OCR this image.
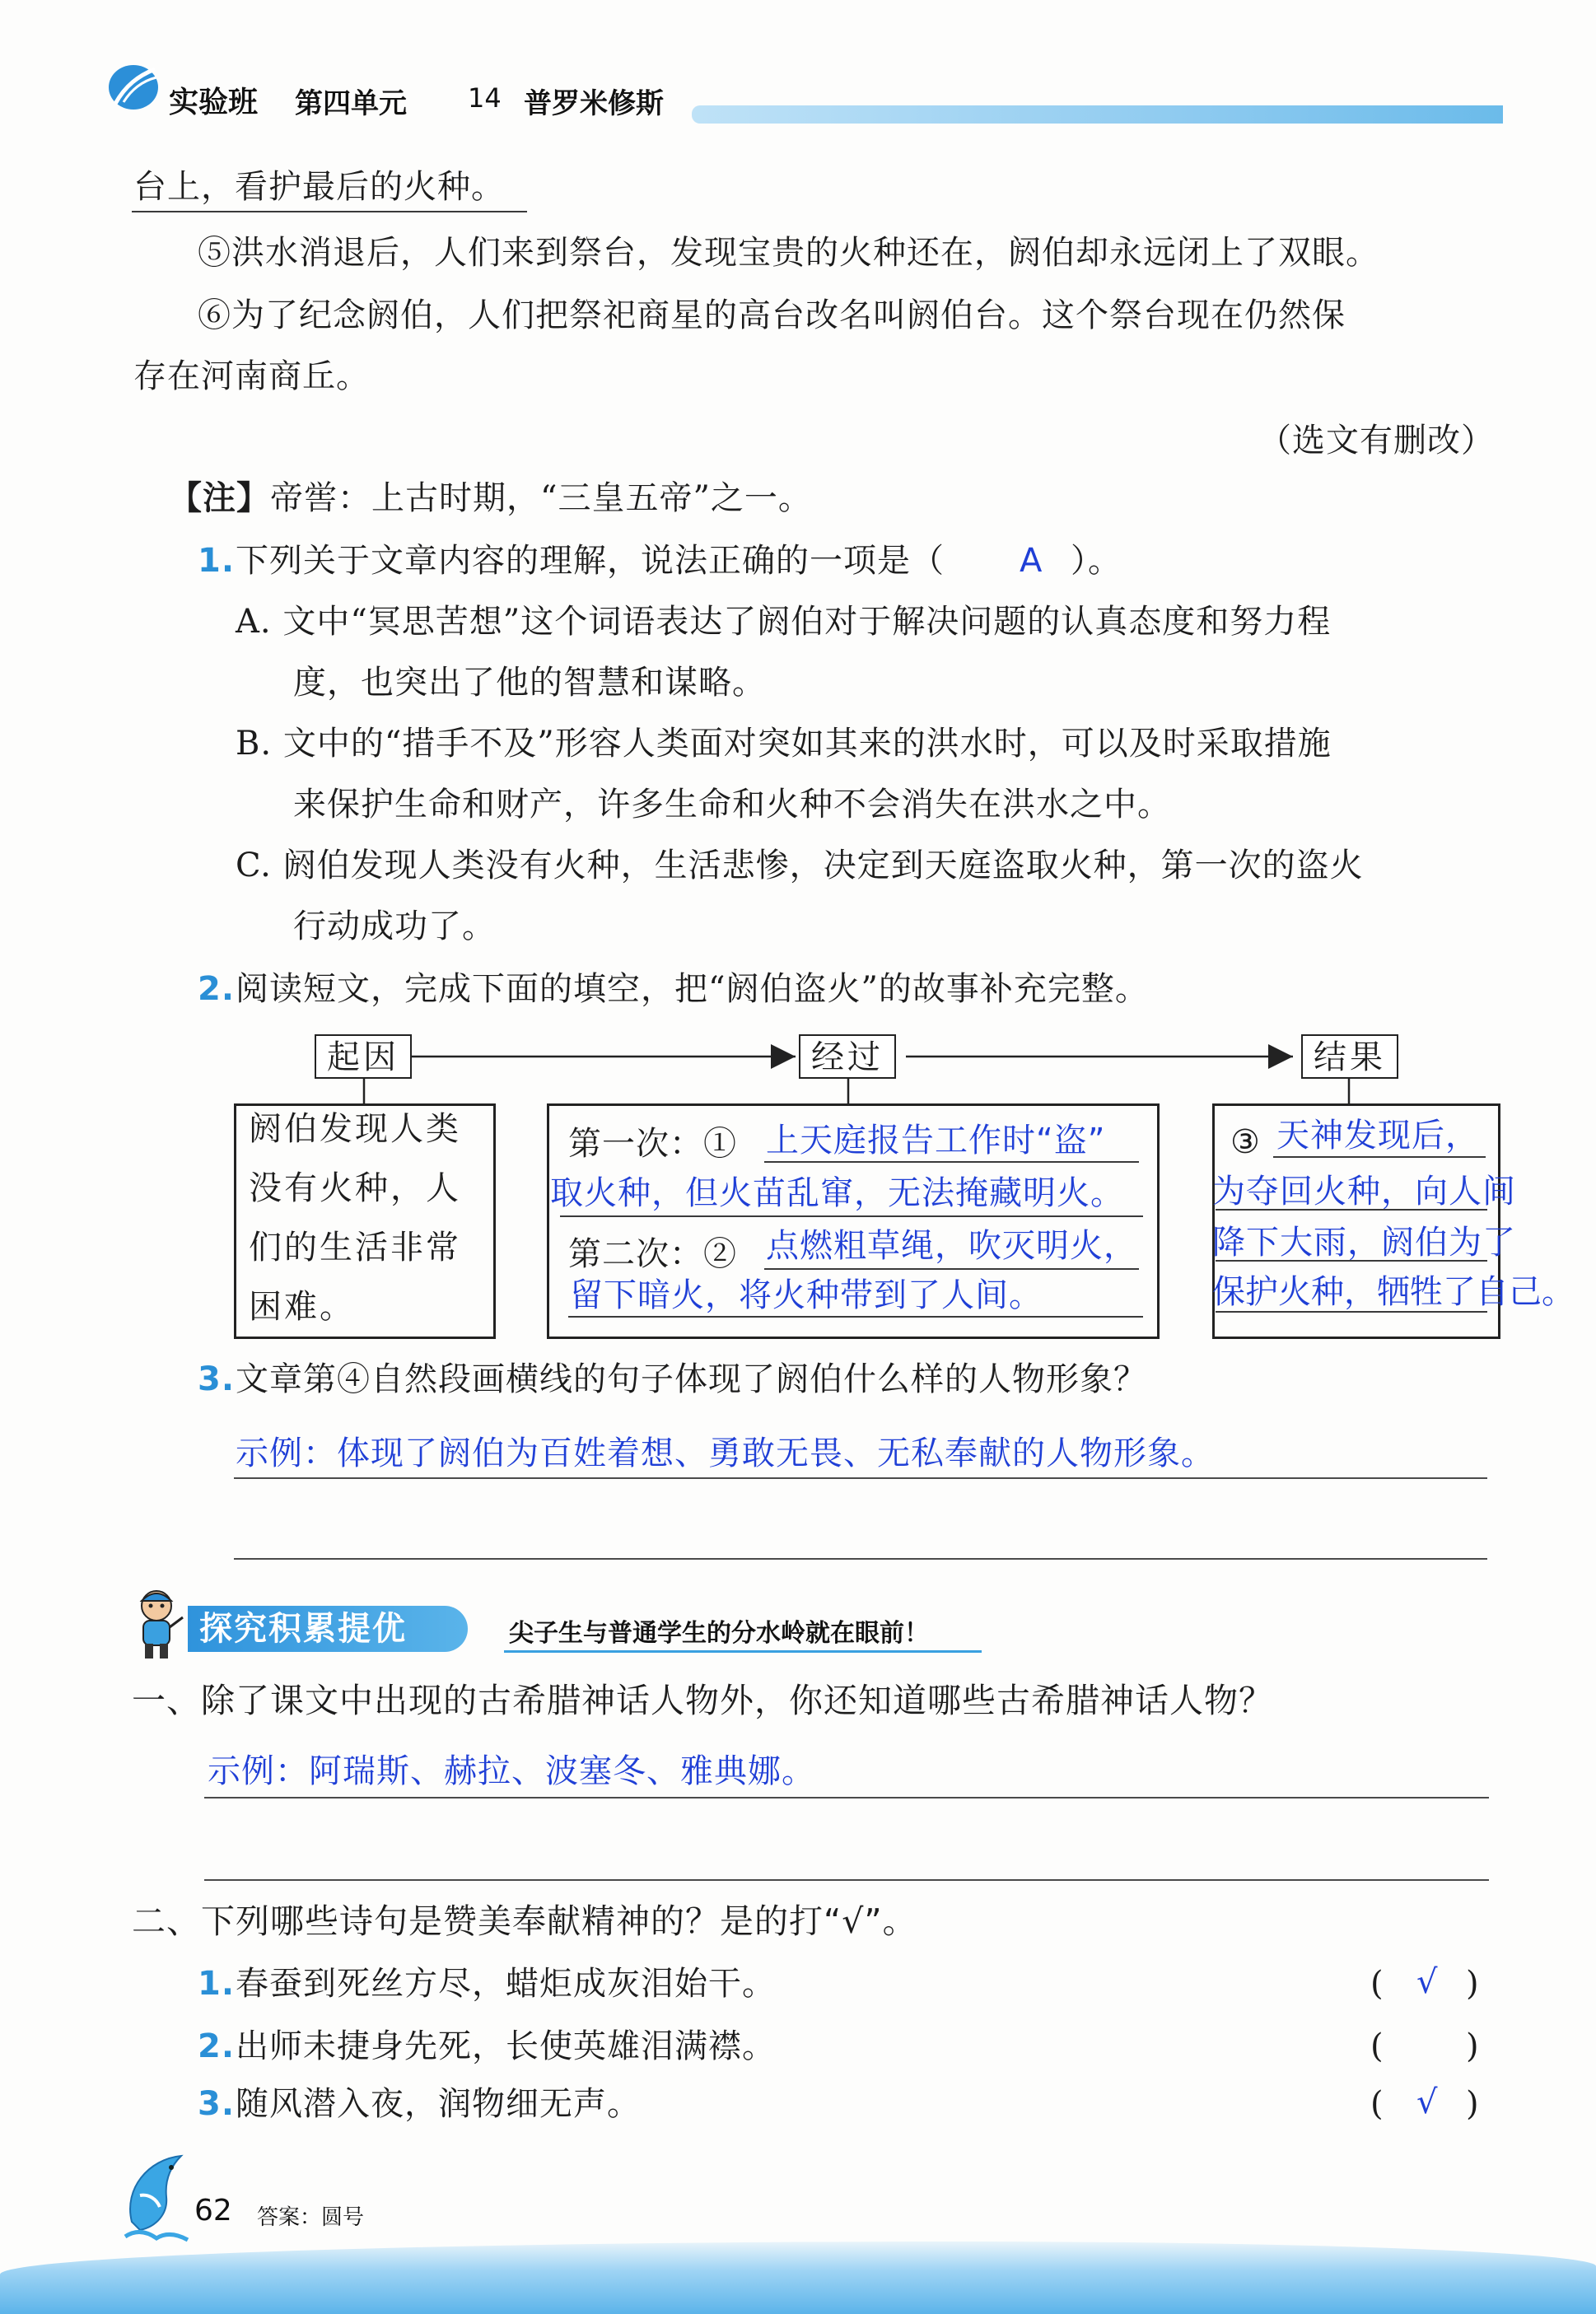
实验班 第四单元 14 普罗米修斯
台上，看护最后的火种。
⑤洪水消退后，人们来到祭台，发现宝贵的火种还在，阏伯却永远闭上了双眼。
⑥为了纪念阏伯，人们把祭祀商星的高台改名叫阏伯台。这个祭台现在仍然保
存在河南商丘。
（选文有删改）
【注】 帝喾：上古时期，“三皇五帝”之一。
1. 下列关于文章内容的理解，说法正确的一项是（ A ）。
A. 文中“冥思苦想”这个词语表达了阏伯对于解决问题的认真态度和努力程
度，也突出了他的智慧和谋略。
B. 文中的“措手不及”形容人类面对突如其来的洪水时，可以及时采取措施
来保护生命和财产，许多生命和火种不会消失在洪水之中。
C. 阏伯发现人类没有火种，生活悲惨，决定到天庭盗取火种，第一次的盗火
行动成功了。
2. 阅读短文，完成下面的填空，把“阏伯盗火”的故事补充完整。
起因	经过	结果
阏伯发现人类
没有火种，人
们的生活非常
困难。
第一次：① 上天庭报告工作时“盗”
取火种，但火苗乱窜，无法掩藏明火。
第二次：② 点燃粗草绳，吹灭明火，
留下暗火，将火种带到了人间。
③ 天神发现后，
为夺回火种，向人间
降下大雨，阏伯为了
保护火种，牺牲了自己。
3. 文章第④自然段画横线的句子体现了阏伯什么样的人物形象？
示例：体现了阏伯为百姓着想、勇敢无畏、无私奉献的人物形象。
探究积累提优	尖子生与普通学生的分水岭就在眼前！
一、除了课文中出现的古希腊神话人物外，你还知道哪些古希腊神话人物？
示例：阿瑞斯、赫拉、波塞冬、雅典娜。
二、下列哪些诗句是赞美奉献精神的？是的打“√”。
1. 春蚕到死丝方尽，蜡炬成灰泪始干。	( √ )
2. 出师未捷身先死，长使英雄泪满襟。	( )
3. 随风潜入夜，润物细无声。	( √ )
62 答案：圆号
